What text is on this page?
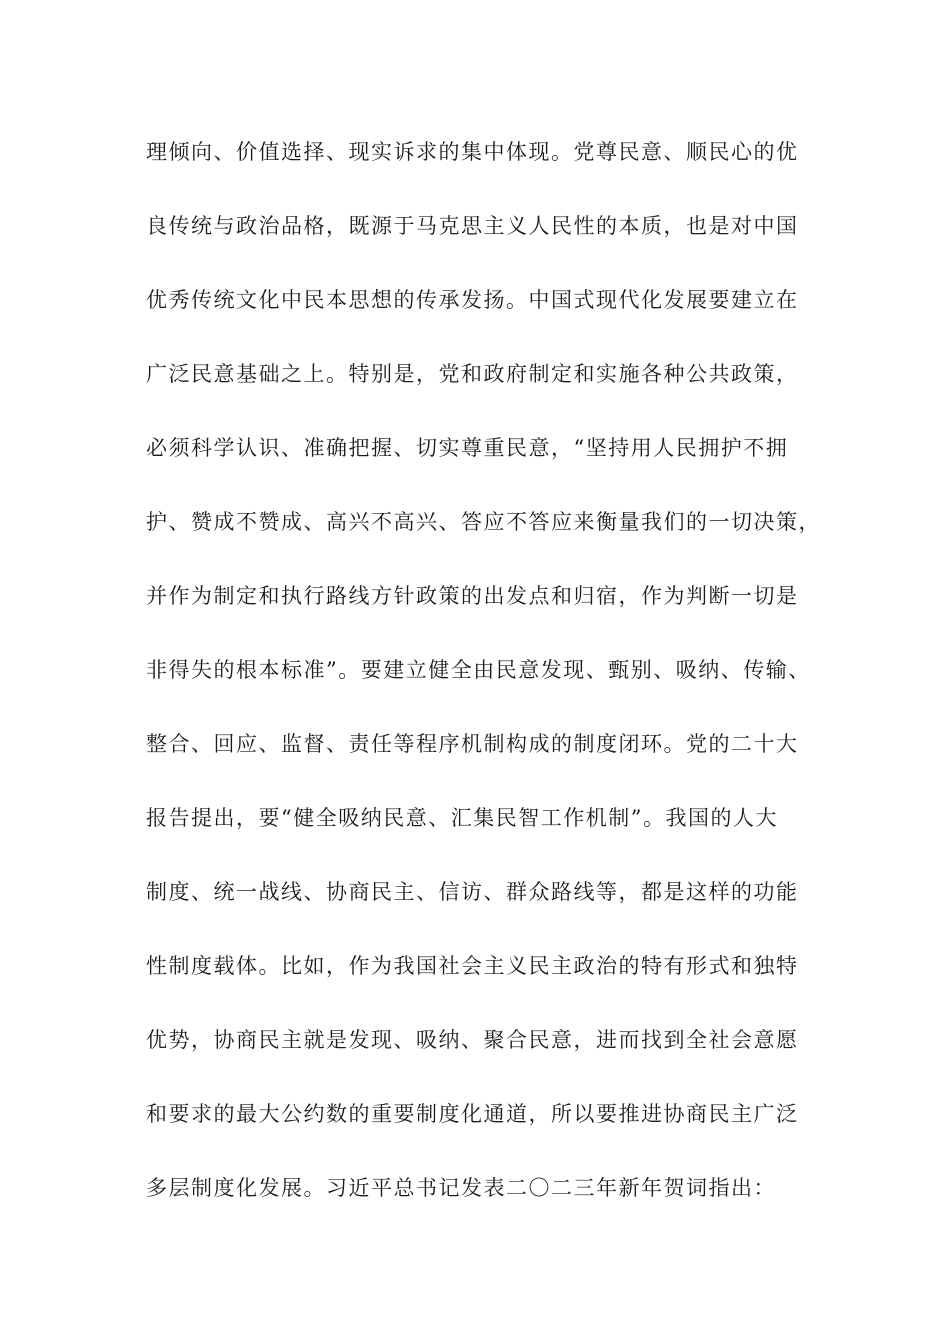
理倾向、价值选择、现实诉求的集中体现。党尊民意、顺民心的优
良传统与政治品格，既源于马克思主义人民性的本质，也是对中国
优秀传统文化中民本思想的传承发扬。中国式现代化发展要建立在
广泛民意基础之上。特别是，党和政府制定和实施各种公共政策，
必须科学认识、准确把握、切实尊重民意，“坚持用人民拥护不拥
护、赞成不赞成、高兴不高兴、答应不答应来衡量我们的一切决策，
并作为制定和执行路线方针政策的出发点和归宿，作为判断一切是
非得失的根本标准”。要建立健全由民意发现、甄别、吸纳、传输、
整合、回应、监督、责任等程序机制构成的制度闭环。党的二十大
报告提出，要“健全吸纳民意、汇集民智工作机制”。我国的人大
制度、统一战线、协商民主、信访、群众路线等，都是这样的功能
性制度载体。比如，作为我国社会主义民主政治的特有形式和独特
优势，协商民主就是发现、吸纳、聚合民意，进而找到全社会意愿
和要求的最大公约数的重要制度化通道，所以要推进协商民主广泛
多层制度化发展。习近平总书记发表二〇二三年新年贺词指出：
